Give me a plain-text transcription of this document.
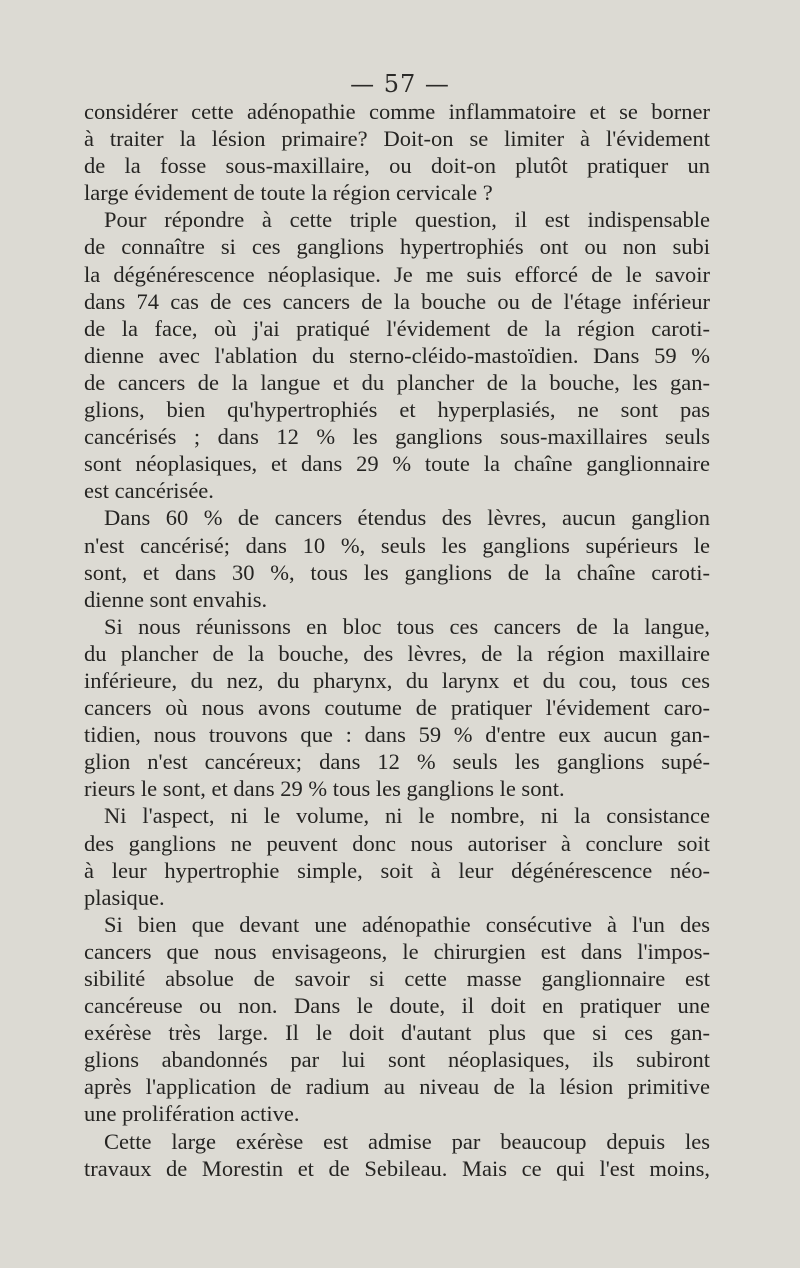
— 57 —
considérer cette adénopathie comme inflammatoire et se borner
à traiter la lésion primaire? Doit-on se limiter à l'évidement
de la fosse sous-maxillaire, ou doit-on plutôt pratiquer un
large évidement de toute la région cervicale ?
Pour répondre à cette triple question, il est indispensable
de connaître si ces ganglions hypertrophiés ont ou non subi
la dégénérescence néoplasique. Je me suis efforcé de le savoir
dans 74 cas de ces cancers de la bouche ou de l'étage inférieur
de la face, où j'ai pratiqué l'évidement de la région caroti-
dienne avec l'ablation du sterno-cléido-mastoïdien. Dans 59 %
de cancers de la langue et du plancher de la bouche, les gan-
glions, bien qu'hypertrophiés et hyperplasiés, ne sont pas
cancérisés ; dans 12 % les ganglions sous-maxillaires seuls
sont néoplasiques, et dans 29 % toute la chaîne ganglionnaire
est cancérisée.
Dans 60 % de cancers étendus des lèvres, aucun ganglion
n'est cancérisé; dans 10 %, seuls les ganglions supérieurs le
sont, et dans 30 %, tous les ganglions de la chaîne caroti-
dienne sont envahis.
Si nous réunissons en bloc tous ces cancers de la langue,
du plancher de la bouche, des lèvres, de la région maxillaire
inférieure, du nez, du pharynx, du larynx et du cou, tous ces
cancers où nous avons coutume de pratiquer l'évidement caro-
tidien, nous trouvons que : dans 59 % d'entre eux aucun gan-
glion n'est cancéreux; dans 12 % seuls les ganglions supé-
rieurs le sont, et dans 29 % tous les ganglions le sont.
Ni l'aspect, ni le volume, ni le nombre, ni la consistance
des ganglions ne peuvent donc nous autoriser à conclure soit
à leur hypertrophie simple, soit à leur dégénérescence néo-
plasique.
Si bien que devant une adénopathie consécutive à l'un des
cancers que nous envisageons, le chirurgien est dans l'impos-
sibilité absolue de savoir si cette masse ganglionnaire est
cancéreuse ou non. Dans le doute, il doit en pratiquer une
exérèse très large. Il le doit d'autant plus que si ces gan-
glions abandonnés par lui sont néoplasiques, ils subiront
après l'application de radium au niveau de la lésion primitive
une prolifération active.
Cette large exérèse est admise par beaucoup depuis les
travaux de Morestin et de Sebileau. Mais ce qui l'est moins,
